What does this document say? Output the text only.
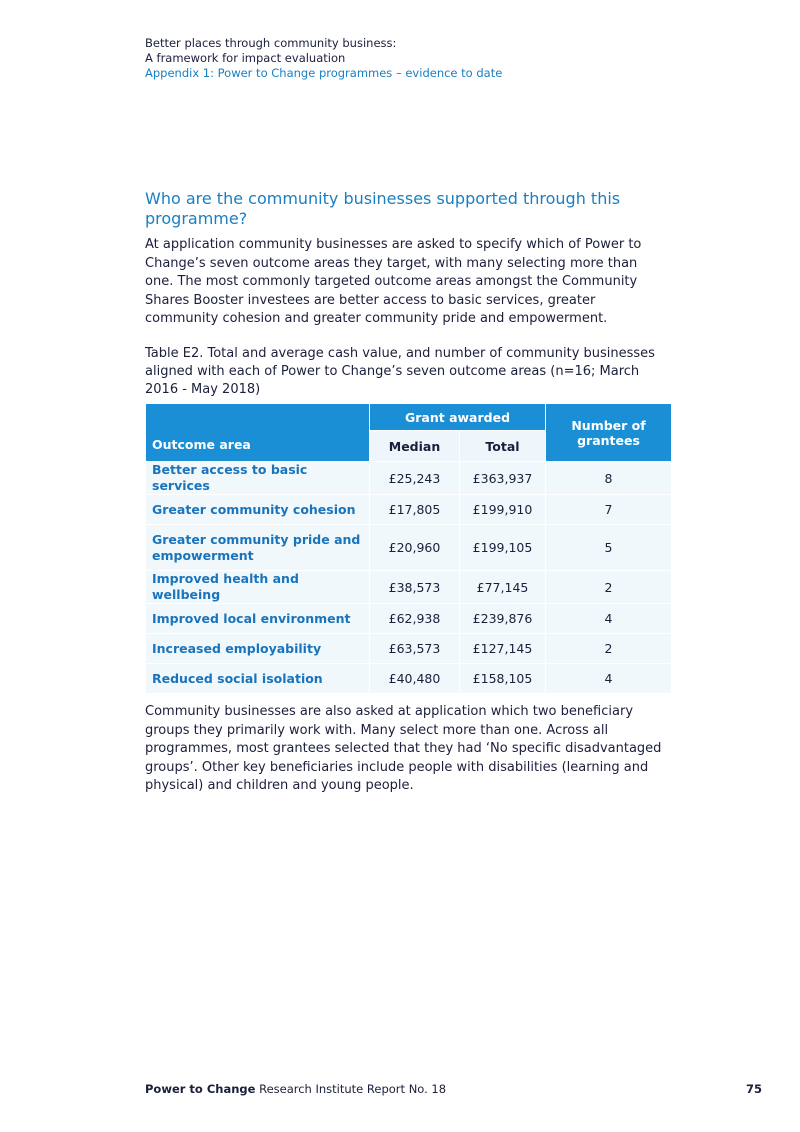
Better places through community business:
A framework for impact evaluation
Appendix 1: Power to Change programmes – evidence to date
Who are the community businesses supported through this programme?

At application community businesses are asked to specify which of Power to Change’s seven outcome areas they target, with many selecting more than one. The most commonly targeted outcome areas amongst the Community Shares Booster investees are better access to basic services, greater community cohesion and greater community pride and empowerment.

Table E2. Total and average cash value, and number of community businesses aligned with each of Power to Change’s seven outcome areas (n=16; March 2016 - May 2018)

Outcome area	Grant awarded		Number of grantees
	Median	Total	
Better access to basic services	£25,243	£363,937	8
Greater community cohesion	£17,805	£199,910	7
Greater community pride and empowerment	£20,960	£199,105	5
Improved health and wellbeing	£38,573	£77,145	2
Improved local environment	£62,938	£239,876	4
Increased employability	£63,573	£127,145	2
Reduced social isolation	£40,480	£158,105	4

Community businesses are also asked at application which two beneficiary groups they primarily work with. Many select more than one. Across all programmes, most grantees selected that they had ‘No specific disadvantaged groups’. Other key beneficiaries include people with disabilities (learning and physical) and children and young people.

Power to Change Research Institute Report No. 18	75
